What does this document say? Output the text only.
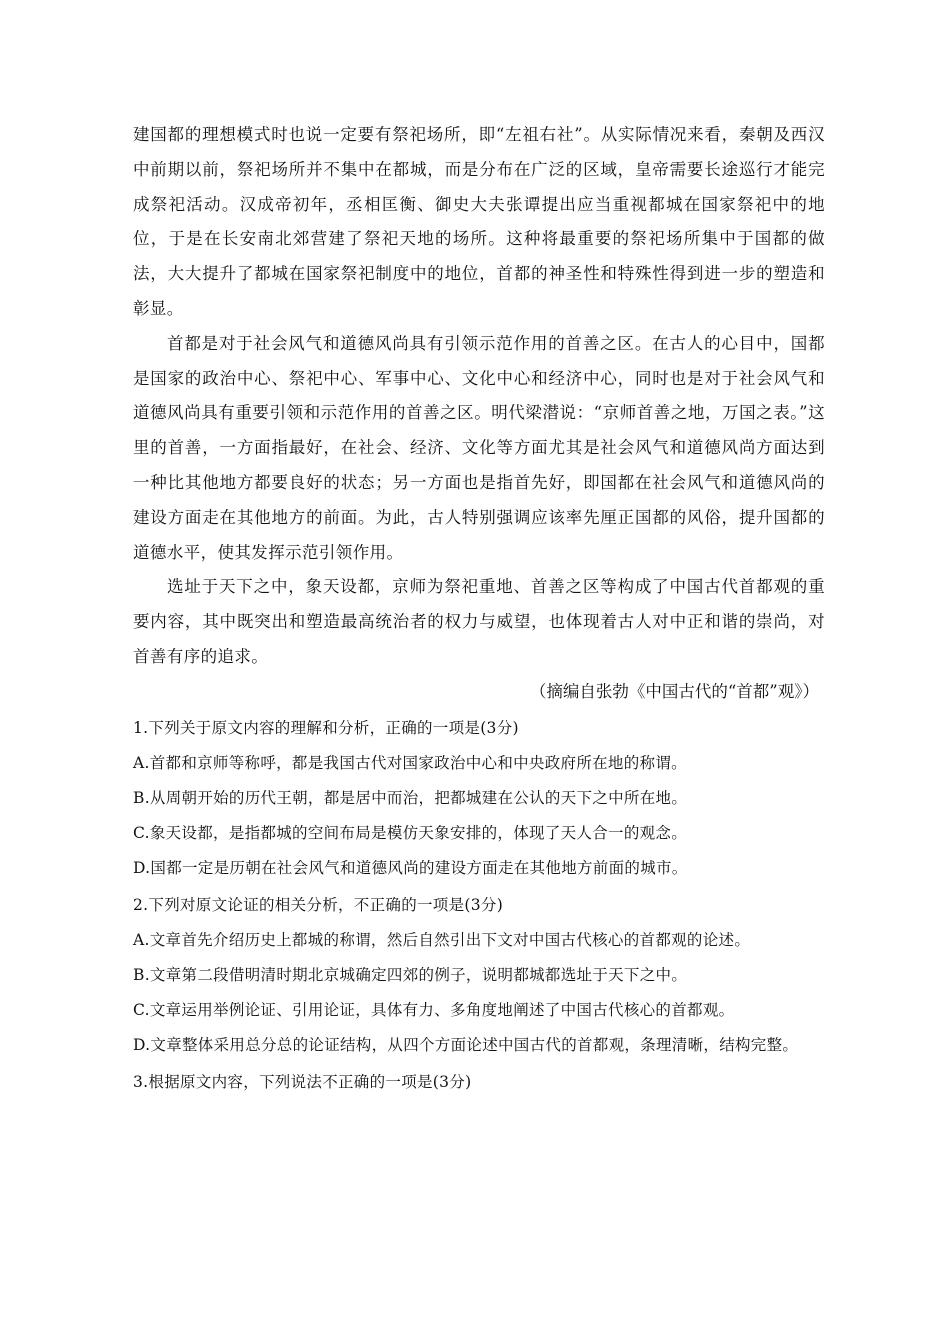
建国都的理想模式时也说一定要有祭祀场所，即“左祖右社”。从实际情况来看，秦朝及西汉中前期以前，祭祀场所并不集中在都城，而是分布在广泛的区域，皇帝需要长途巡行才能完成祭祀活动。汉成帝初年，丞相匡衡、御史大夫张谭提出应当重视都城在国家祭祀中的地位，于是在长安南北郊营建了祭祀天地的场所。这种将最重要的祭祀场所集中于国都的做法，大大提升了都城在国家祭祀制度中的地位，首都的神圣性和特殊性得到进一步的塑造和彰显。

首都是对于社会风气和道德风尚具有引领示范作用的首善之区。在古人的心目中，国都是国家的政治中心、祭祀中心、军事中心、文化中心和经济中心，同时也是对于社会风气和道德风尚具有重要引领和示范作用的首善之区。明代梁潜说：“京师首善之地，万国之表。”这里的首善，一方面指最好，在社会、经济、文化等方面尤其是社会风气和道德风尚方面达到一种比其他地方都要良好的状态；另一方面也是指首先好，即国都在社会风气和道德风尚的建设方面走在其他地方的前面。为此，古人特别强调应该率先厘正国都的风俗，提升国都的道德水平，使其发挥示范引领作用。

选址于天下之中，象天设都，京师为祭祀重地、首善之区等构成了中国古代首都观的重要内容，其中既突出和塑造最高统治者的权力与威望，也体现着古人对中正和谐的崇尚，对首善有序的追求。

（摘编自张勃《中国古代的“首都”观》）

1.下列关于原文内容的理解和分析，正确的一项是(3分)

A.首都和京师等称呼，都是我国古代对国家政治中心和中央政府所在地的称谓。

B.从周朝开始的历代王朝，都是居中而治，把都城建在公认的天下之中所在地。

C.象天设都，是指都城的空间布局是模仿天象安排的，体现了天人合一的观念。

D.国都一定是历朝在社会风气和道德风尚的建设方面走在其他地方前面的城市。

2.下列对原文论证的相关分析，不正确的一项是(3分)

A.文章首先介绍历史上都城的称谓，然后自然引出下文对中国古代核心的首都观的论述。

B.文章第二段借明清时期北京城确定四郊的例子，说明都城都选址于天下之中。

C.文章运用举例论证、引用论证，具体有力、多角度地阐述了中国古代核心的首都观。

D.文章整体采用总分总的论证结构，从四个方面论述中国古代的首都观，条理清晰，结构完整。

3.根据原文内容，下列说法不正确的一项是(3分)
